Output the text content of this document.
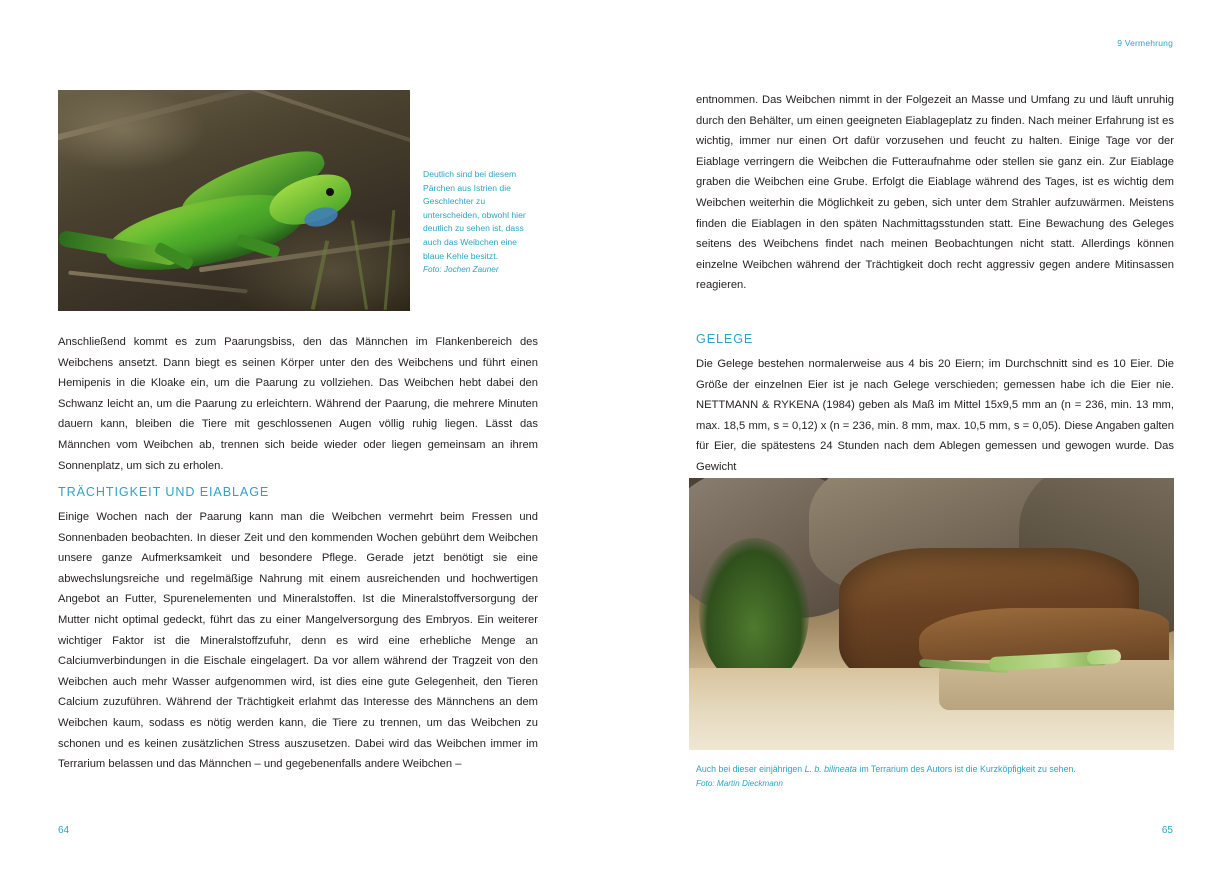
Deutlich sind bei diesem Pärchen aus Istrien die Geschlechter zu unterscheiden, obwohl hier deutlich zu sehen ist, dass auch das Weibchen eine blaue Kehle besitzt.
Foto: Jochen Zauner

Anschließend kommt es zum Paarungsbiss, den das Männchen im Flankenbereich des Weibchens ansetzt. Dann biegt es seinen Körper unter den des Weibchens und führt einen Hemipenis in die Kloake ein, um die Paarung zu vollziehen. Das Weibchen hebt dabei den Schwanz leicht an, um die Paarung zu erleichtern. Während der Paarung, die mehrere Minuten dauern kann, bleiben die Tiere mit geschlossenen Augen völlig ruhig liegen. Lässt das Männchen vom Weibchen ab, trennen sich beide wieder oder liegen gemeinsam an ihrem Sonnenplatz, um sich zu erholen.

TRÄCHTIGKEIT UND EIABLAGE

Einige Wochen nach der Paarung kann man die Weibchen vermehrt beim Fressen und Sonnenbaden beobachten. In dieser Zeit und den kommenden Wochen gebührt dem Weibchen unsere ganze Aufmerksamkeit und besondere Pflege. Gerade jetzt benötigt sie eine abwechslungsreiche und regelmäßige Nahrung mit einem ausreichenden und hochwertigen Angebot an Futter, Spurenelementen und Mineralstoffen. Ist die Mineralstoffversorgung der Mutter nicht optimal gedeckt, führt das zu einer Mangelversorgung des Embryos. Ein weiterer wichtiger Faktor ist die Mineralstoffzufuhr, denn es wird eine erhebliche Menge an Calciumverbindungen in die Eischale eingelagert. Da vor allem während der Tragzeit von den Weibchen auch mehr Wasser aufgenommen wird, ist dies eine gute Gelegenheit, den Tieren Calcium zuzuführen. Während der Trächtigkeit erlahmt das Interesse des Männchens an dem Weibchen kaum, sodass es nötig werden kann, die Tiere zu trennen, um das Weibchen zu schonen und es keinen zusätzlichen Stress auszusetzen. Dabei wird das Weibchen immer im Terrarium belassen und das Männchen – und gegebenenfalls andere Weibchen –

64
9 Vermehrung
65

entnommen. Das Weibchen nimmt in der Folgezeit an Masse und Umfang zu und läuft unruhig durch den Behälter, um einen geeigneten Eiablageplatz zu finden. Nach meiner Erfahrung ist es wichtig, immer nur einen Ort dafür vorzusehen und feucht zu halten. Einige Tage vor der Eiablage verringern die Weibchen die Futteraufnahme oder stellen sie ganz ein. Zur Eiablage graben die Weibchen eine Grube. Erfolgt die Eiablage während des Tages, ist es wichtig dem Weibchen weiterhin die Möglichkeit zu geben, sich unter dem Strahler aufzuwärmen. Meistens finden die Eiablagen in den späten Nachmittagsstunden statt. Eine Bewachung des Geleges seitens des Weibchens findet nach meinen Beobachtungen nicht statt. Allerdings können einzelne Weibchen während der Trächtigkeit doch recht aggressiv gegen andere Mitinsassen reagieren.

GELEGE

Die Gelege bestehen normalerweise aus 4 bis 20 Eiern; im Durchschnitt sind es 10 Eier. Die Größe der einzelnen Eier ist je nach Gelege verschieden; gemessen habe ich die Eier nie. NETTMANN & RYKENA (1984) geben als Maß im Mittel 15x9,5 mm an (n = 236, min. 13 mm, max. 18,5 mm, s = 0,12) x (n = 236, min. 8 mm, max. 10,5 mm, s = 0,05). Diese Angaben galten für Eier, die spätestens 24 Stunden nach dem Ablegen gemessen und gewogen wurde. Das Gewicht

Auch bei dieser einjährigen L. b. bilineata im Terrarium des Autors ist die Kurzköpfigkeit zu sehen.
Foto: Martin Dieckmann
